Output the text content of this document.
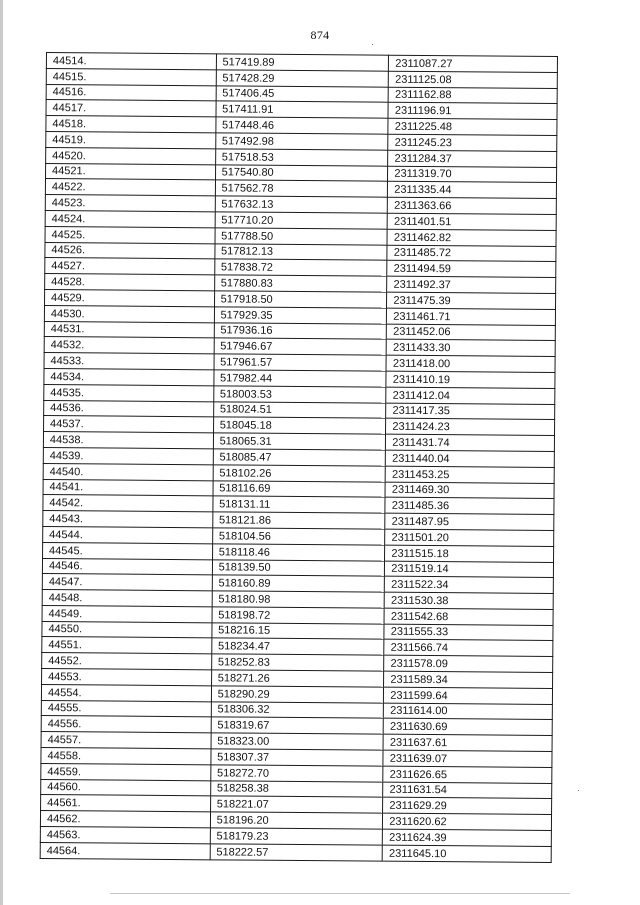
874
44514.	517419.89	2311087.27
44515.	517428.29	2311125.08
44516.	517406.45	2311162.88
44517.	517411.91	2311196.91
44518.	517448.46	2311225.48
44519.	517492.98	2311245.23
44520.	517518.53	2311284.37
44521.	517540.80	2311319.70
44522.	517562.78	2311335.44
44523.	517632.13	2311363.66
44524.	517710.20	2311401.51
44525.	517788.50	2311462.82
44526.	517812.13	2311485.72
44527.	517838.72	2311494.59
44528.	517880.83	2311492.37
44529.	517918.50	2311475.39
44530.	517929.35	2311461.71
44531.	517936.16	2311452.06
44532.	517946.67	2311433.30
44533.	517961.57	2311418.00
44534.	517982.44	2311410.19
44535.	518003.53	2311412.04
44536.	518024.51	2311417.35
44537.	518045.18	2311424.23
44538.	518065.31	2311431.74
44539.	518085.47	2311440.04
44540.	518102.26	2311453.25
44541.	518116.69	2311469.30
44542.	518131.11	2311485.36
44543.	518121.86	2311487.95
44544.	518104.56	2311501.20
44545.	518118.46	2311515.18
44546.	518139.50	2311519.14
44547.	518160.89	2311522.34
44548.	518180.98	2311530.38
44549.	518198.72	2311542.68
44550.	518216.15	2311555.33
44551.	518234.47	2311566.74
44552.	518252.83	2311578.09
44553.	518271.26	2311589.34
44554.	518290.29	2311599.64
44555.	518306.32	2311614.00
44556.	518319.67	2311630.69
44557.	518323.00	2311637.61
44558.	518307.37	2311639.07
44559.	518272.70	2311626.65
44560.	518258.38	2311631.54
44561.	518221.07	2311629.29
44562.	518196.20	2311620.62
44563.	518179.23	2311624.39
44564.	518222.57	2311645.10
